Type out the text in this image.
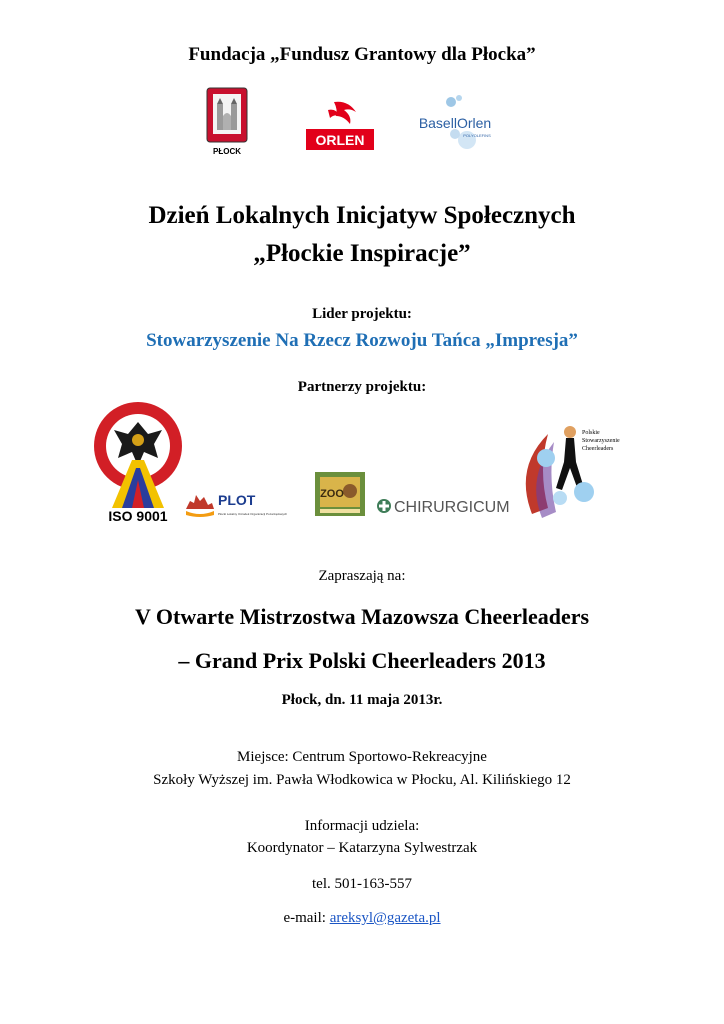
Fundacja „Fundusz Grantowy dla Płocka”
PŁOCK
ORLEN
BasellOrlen
POLYOLEFINS
Dzień Lokalnych Inicjatyw Społecznych
„Płockie Inspiracje”
Lider projektu:
Stowarzyszenie Na Rzecz Rozwoju Tańca „Impresja”
Partnerzy projektu:
ISO 9001
PLOT
Płocki Lokalny Ośrodek Organizacji Pozarządowych
ZOO
CHIRURGICUM
Polskie
Stowarzyszenie
Cheerleaders
Zapraszają na:
V Otwarte Mistrzostwa Mazowsza Cheerleaders
– Grand Prix Polski Cheerleaders 2013
Płock, dn. 11 maja 2013r.
Miejsce: Centrum Sportowo-Rekreacyjne
Szkoły Wyższej im. Pawła Włodkowica w Płocku, Al. Kilińskiego 12
Informacji udziela:
Koordynator – Katarzyna Sylwestrzak
tel. 501-163-557
e-mail: areksyl@gazeta.pl
